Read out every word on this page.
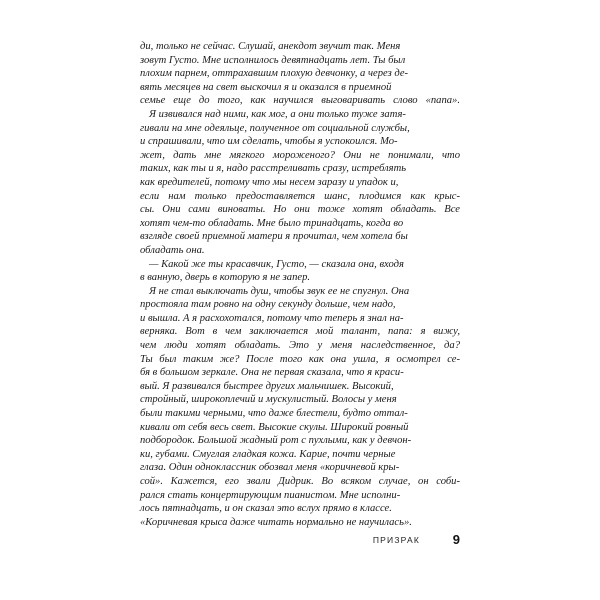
ди, только не сейчас. Слушай, анекдот звучит так. Меня
зовут Густо. Мне исполнилось девятнадцать лет. Ты был
плохим парнем, оттрахавшим плохую девчонку, а через де-
вять месяцев на свет выскочил я и оказался в приемной
семье еще до того, как научился выговаривать слово «папа».
Я извивался над ними, как мог, а они только туже затя-
гивали на мне одеяльце, полученное от социальной службы,
и спрашивали, что им сделать, чтобы я успокоился. Мо-
жет, дать мне мягкого мороженого? Они не понимали, что
таких, как ты и я, надо расстреливать сразу, истреблять
как вредителей, потому что мы несем заразу и упадок и,
если нам только предоставляется шанс, плодимся как крыс-
сы. Они сами виноваты. Но они тоже хотят обладать. Все
хотят чем-то обладать. Мне было тринадцать, когда во
взгляде своей приемной матери я прочитал, чем хотела бы
обладать она.
— Какой же ты красавчик, Густо, — сказала она, входя
в ванную, дверь в которую я не запер.
Я не стал выключать душ, чтобы звук ее не спугнул. Она
простояла там ровно на одну секунду дольше, чем надо,
и вышла. А я расхохотался, потому что теперь я знал на-
верняка. Вот в чем заключается мой талант, папа: я вижу,
чем люди хотят обладать. Это у меня наследственное, да?
Ты был таким же? После того как она ушла, я осмотрел се-
бя в большом зеркале. Она не первая сказала, что я краси-
вый. Я развивался быстрее других мальчишек. Высокий,
стройный, широкоплечий и мускулистый. Волосы у меня
были такими черными, что даже блестели, будто оттал-
кивали от себя весь свет. Высокие скулы. Широкий ровный
подбородок. Большой жадный рот с пухлыми, как у девчон-
ки, губами. Смуглая гладкая кожа. Карие, почти черные
глаза. Один одноклассник обозвал меня «коричневой кры-
сой». Кажется, его звали Дидрик. Во всяком случае, он соби-
рался стать концертирующим пианистом. Мне исполни-
лось пятнадцать, и он сказал это вслух прямо в классе.
«Коричневая крыса даже читать нормально не научилась».
ПРИЗРАК	9
